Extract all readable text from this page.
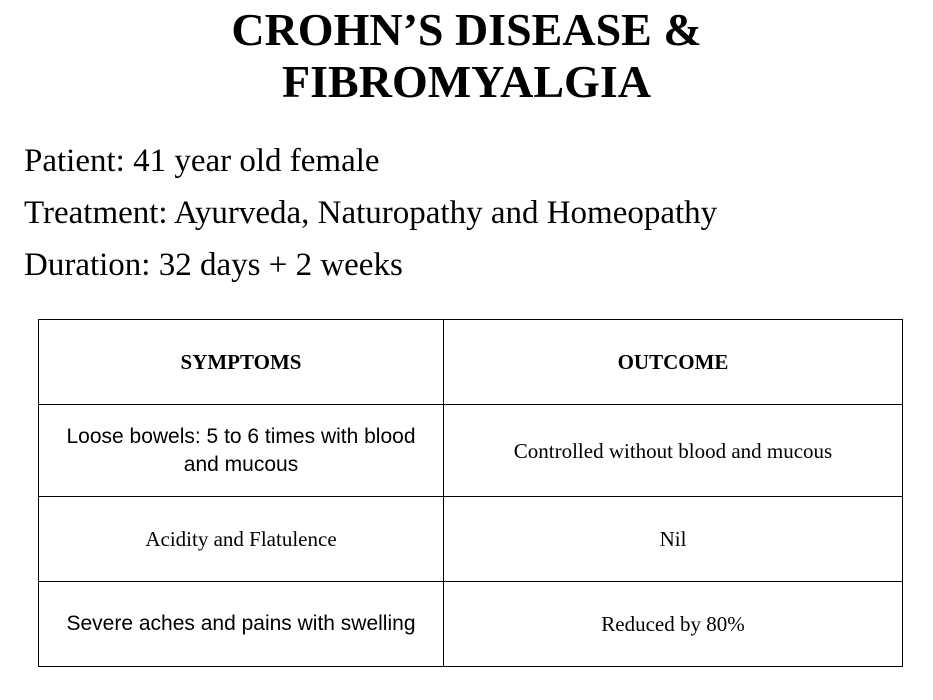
CROHN’S DISEASE &
FIBROMYALGIA
Patient: 41 year old female
Treatment: Ayurveda, Naturopathy and Homeopathy
Duration: 32 days + 2 weeks
SYMPTOMS	OUTCOME
Loose bowels: 5 to 6 times with blood and mucous	Controlled without blood and mucous
Acidity and Flatulence	Nil
Severe aches and pains with swelling	Reduced by 80%
